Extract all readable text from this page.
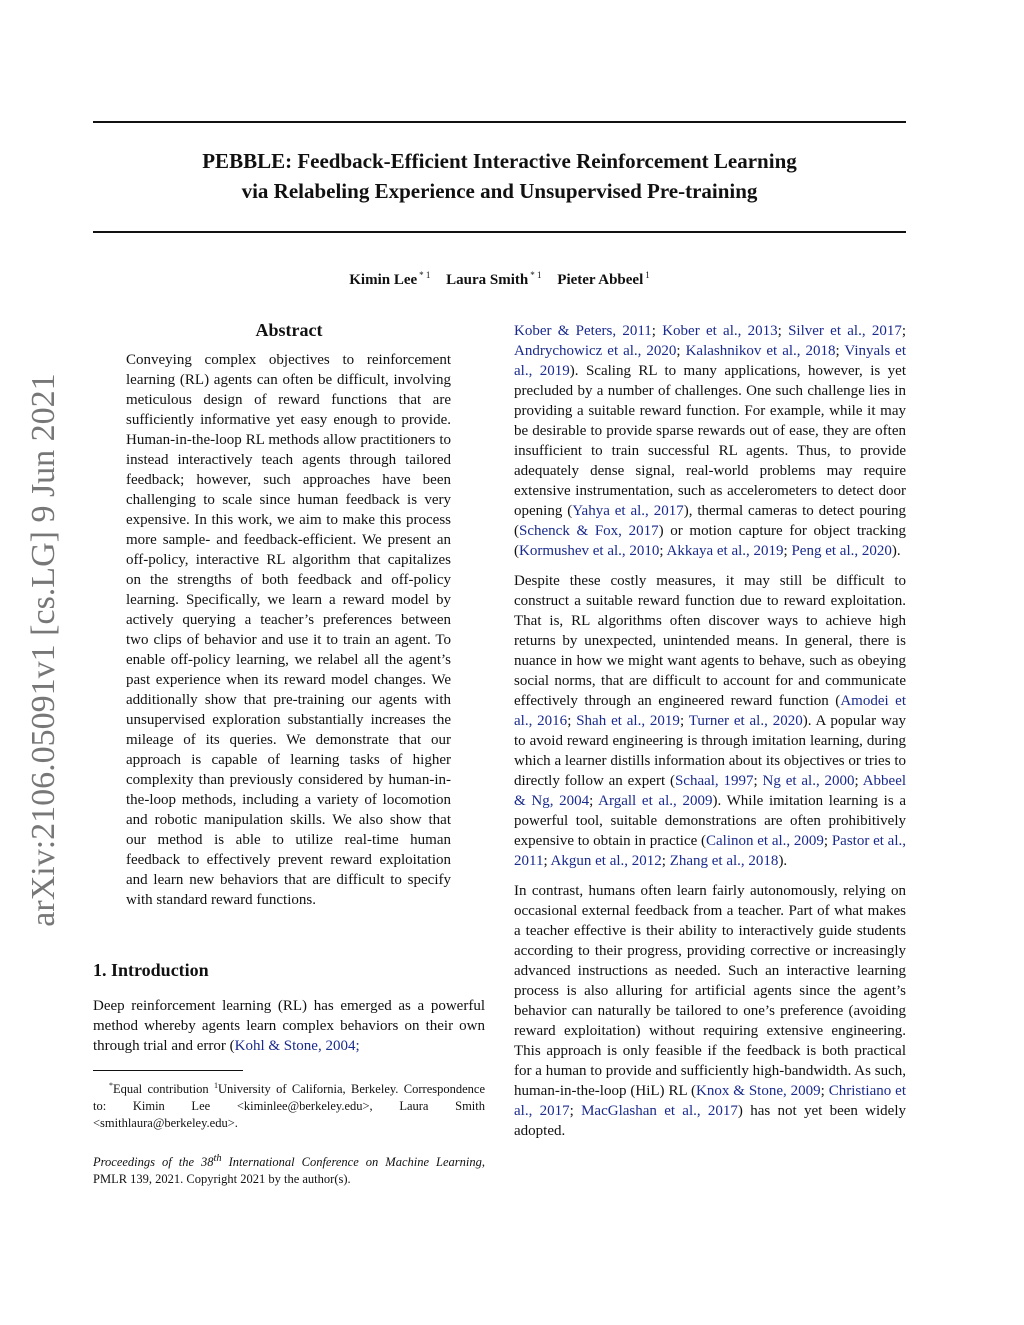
PEBBLE: Feedback-Efficient Interactive Reinforcement Learning
via Relabeling Experience and Unsupervised Pre-training
Kimin Lee $^{* 1}$ Laura Smith $^{* 1}$ Pieter Abbeel $^1$
arXiv:2106.05091v1 [cs.LG] 9 Jun 2021
Abstract

Conveying complex objectives to reinforcement learning (RL) agents can often be difficult, involving meticulous design of reward functions that are sufficiently informative yet easy enough to provide. Human-in-the-loop RL methods allow practitioners to instead interactively teach agents through tailored feedback; however, such approaches have been challenging to scale since human feedback is very expensive. In this work, we aim to make this process more sample- and feedback-efficient. We present an off-policy, interactive RL algorithm that capitalizes on the strengths of both feedback and off-policy learning. Specifically, we learn a reward model by actively querying a teacher’s preferences between two clips of behavior and use it to train an agent. To enable off-policy learning, we relabel all the agent’s past experience when its reward model changes. We additionally show that pre-training our agents with unsupervised exploration substantially increases the mileage of its queries. We demonstrate that our approach is capable of learning tasks of higher complexity than previously considered by human-in-the-loop methods, including a variety of locomotion and robotic manipulation skills. We also show that our method is able to utilize real-time human feedback to effectively prevent reward exploitation and learn new behaviors that are difficult to specify with standard reward functions.

1. Introduction

Deep reinforcement learning (RL) has emerged as a powerful method whereby agents learn complex behaviors on their own through trial and error (Kohl & Stone, 2004;

*Equal contribution $^1$University of California, Berkeley. Correspondence to: Kimin Lee <kiminlee@berkeley.edu>, Laura Smith <smithlaura@berkeley.edu>.

Proceedings of the 38th International Conference on Machine Learning, PMLR 139, 2021. Copyright 2021 by the author(s).

Kober & Peters, 2011; Kober et al., 2013; Silver et al., 2017; Andrychowicz et al., 2020; Kalashnikov et al., 2018; Vinyals et al., 2019). Scaling RL to many applications, however, is yet precluded by a number of challenges. One such challenge lies in providing a suitable reward function. For example, while it may be desirable to provide sparse rewards out of ease, they are often insufficient to train successful RL agents. Thus, to provide adequately dense signal, real-world problems may require extensive instrumentation, such as accelerometers to detect door opening (Yahya et al., 2017), thermal cameras to detect pouring (Schenck & Fox, 2017) or motion capture for object tracking (Kormushev et al., 2010; Akkaya et al., 2019; Peng et al., 2020).

Despite these costly measures, it may still be difficult to construct a suitable reward function due to reward exploitation. That is, RL algorithms often discover ways to achieve high returns by unexpected, unintended means. In general, there is nuance in how we might want agents to behave, such as obeying social norms, that are difficult to account for and communicate effectively through an engineered reward function (Amodei et al., 2016; Shah et al., 2019; Turner et al., 2020). A popular way to avoid reward engineering is through imitation learning, during which a learner distills information about its objectives or tries to directly follow an expert (Schaal, 1997; Ng et al., 2000; Abbeel & Ng, 2004; Argall et al., 2009). While imitation learning is a powerful tool, suitable demonstrations are often prohibitively expensive to obtain in practice (Calinon et al., 2009; Pastor et al., 2011; Akgun et al., 2012; Zhang et al., 2018).

In contrast, humans often learn fairly autonomously, relying on occasional external feedback from a teacher. Part of what makes a teacher effective is their ability to interactively guide students according to their progress, providing corrective or increasingly advanced instructions as needed. Such an interactive learning process is also alluring for artificial agents since the agent’s behavior can naturally be tailored to one’s preference (avoiding reward exploitation) without requiring extensive engineering. This approach is only feasible if the feedback is both practical for a human to provide and sufficiently high-bandwidth. As such, human-in-the-loop (HiL) RL (Knox & Stone, 2009; Christiano et al., 2017; MacGlashan et al., 2017) has not yet been widely adopted.
